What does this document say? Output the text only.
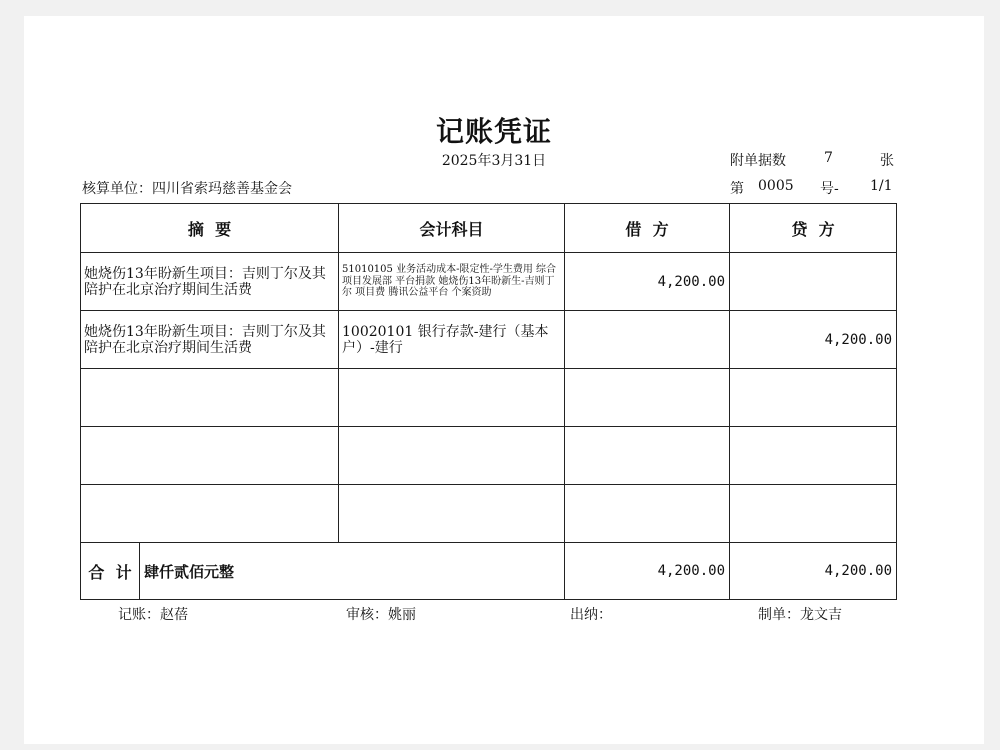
记账凭证
2025年3月31日	附单据数	7	张
核算单位：四川省索玛慈善基金会	第 0005 号- 1/1
摘  要	会计科目	借  方	贷  方
她烧伤13年盼新生项目：吉则丁尔及其陪护在北京治疗期间生活费	51010105 业务活动成本-限定性-学生费用 综合项目发展部 平台捐款 她烧伤13年盼新生-吉则丁尔 项目费 腾讯公益平台 个案资助	4,200.00	
她烧伤13年盼新生项目：吉则丁尔及其陪护在北京治疗期间生活费	10020101 银行存款-建行（基本户）-建行		4,200.00

合  计 肆仟贰佰元整		4,200.00	4,200.00
记账：赵蓓	审核：姚丽	出纳：	制单：龙文吉
